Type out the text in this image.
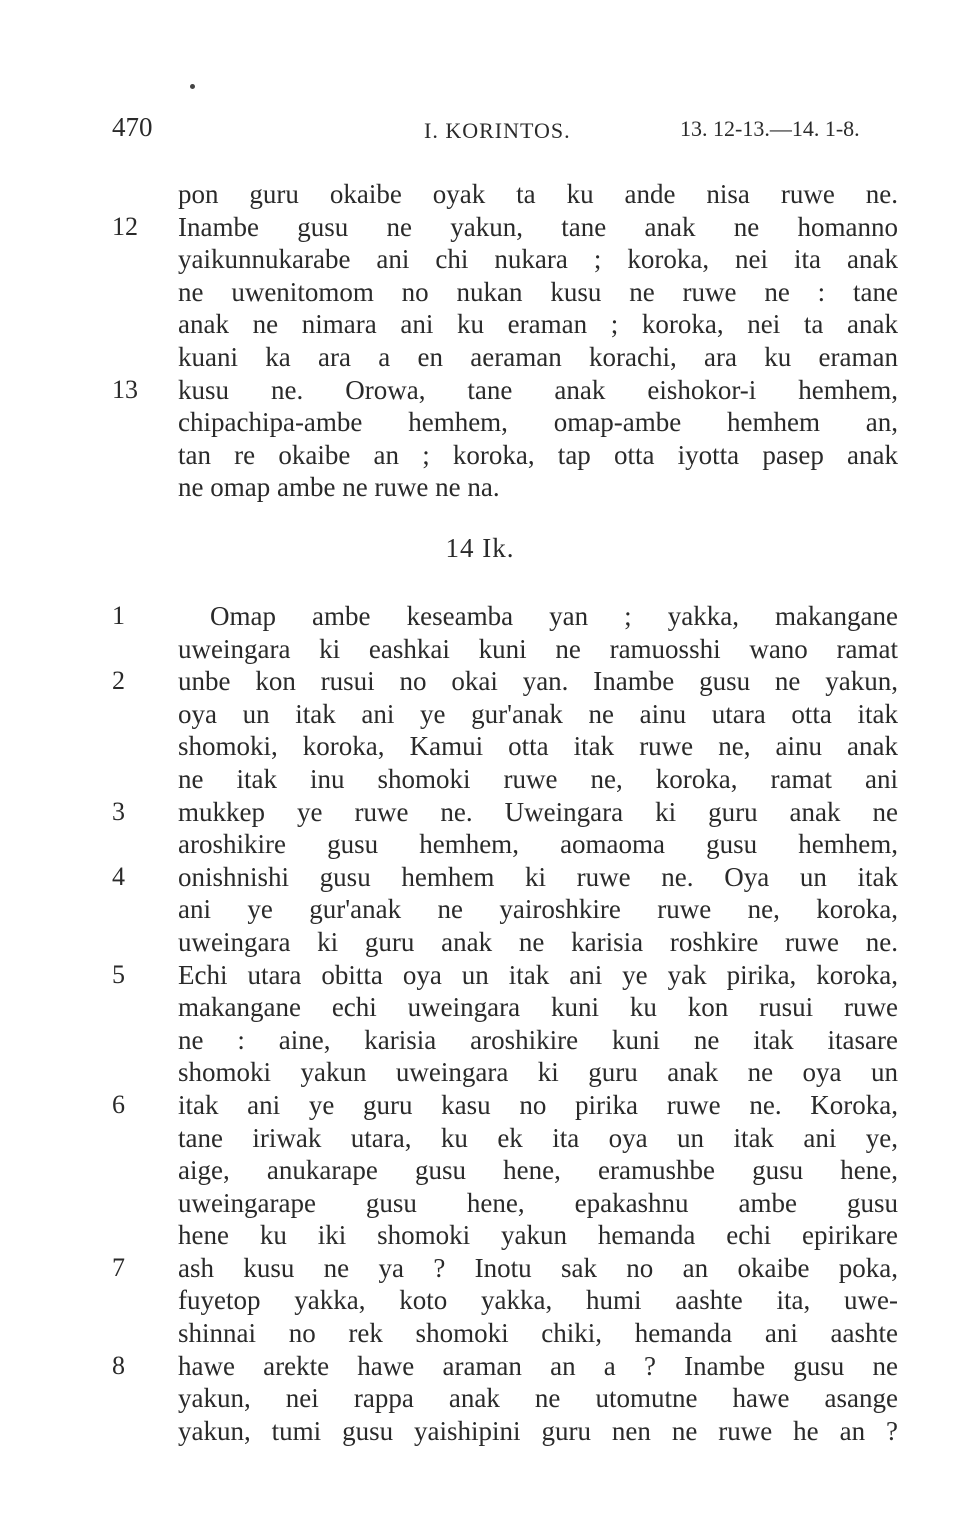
470	I. KORINTOS.	13. 12-13.—14. 1-8.
pon guru okaibe oyak ta ku ande nisa ruwe ne.
12	Inambe gusu ne yakun, tane anak ne homanno
yaikunnukarabe ani chi nukara ; koroka, nei ita anak
ne uwenitomom no nukan kusu ne ruwe ne : tane
anak ne nimara ani ku eraman ; koroka, nei ta anak
kuani ka ara a en aeraman korachi, ara ku eraman
13	kusu ne. Orowa, tane anak eishokor-i hemhem,
chipachipa-ambe hemhem, omap-ambe hemhem an,
tan re okaibe an ; koroka, tap otta iyotta pasep anak
ne omap ambe ne ruwe ne na.
14 Ik.
1	Omap ambe keseamba yan ; yakka, makangane
uweingara ki eashkai kuni ne ramuosshi wano ramat
2	unbe kon rusui no okai yan. Inambe gusu ne yakun,
oya un itak ani ye gur'anak ne ainu utara otta itak
shomoki, koroka, Kamui otta itak ruwe ne, ainu anak
ne itak inu shomoki ruwe ne, koroka, ramat ani
3	mukkep ye ruwe ne. Uweingara ki guru anak ne
aroshikire gusu hemhem, aomaoma gusu hemhem,
4	onishnishi gusu hemhem ki ruwe ne. Oya un itak
ani ye gur'anak ne yairoshkire ruwe ne, koroka,
uweingara ki guru anak ne karisia roshkire ruwe ne.
5	Echi utara obitta oya un itak ani ye yak pirika, koroka,
makangane echi uweingara kuni ku kon rusui ruwe
ne : aine, karisia aroshikire kuni ne itak itasare
shomoki yakun uweingara ki guru anak ne oya un
6	itak ani ye guru kasu no pirika ruwe ne. Koroka,
tane iriwak utara, ku ek ita oya un itak ani ye,
aige, anukarape gusu hene, eramushbe gusu hene,
uweingarape gusu hene, epakashnu ambe gusu
hene ku iki shomoki yakun hemanda echi epirikare
7	ash kusu ne ya ? Inotu sak no an okaibe poka,
fuyetop yakka, koto yakka, humi aashte ita, uwe-
shinnai no rek shomoki chiki, hemanda ani aashte
8	hawe arekte hawe araman an a ? Inambe gusu ne
yakun, nei rappa anak ne utomutne hawe asange
yakun, tumi gusu yaishipini guru nen ne ruwe he an ?
